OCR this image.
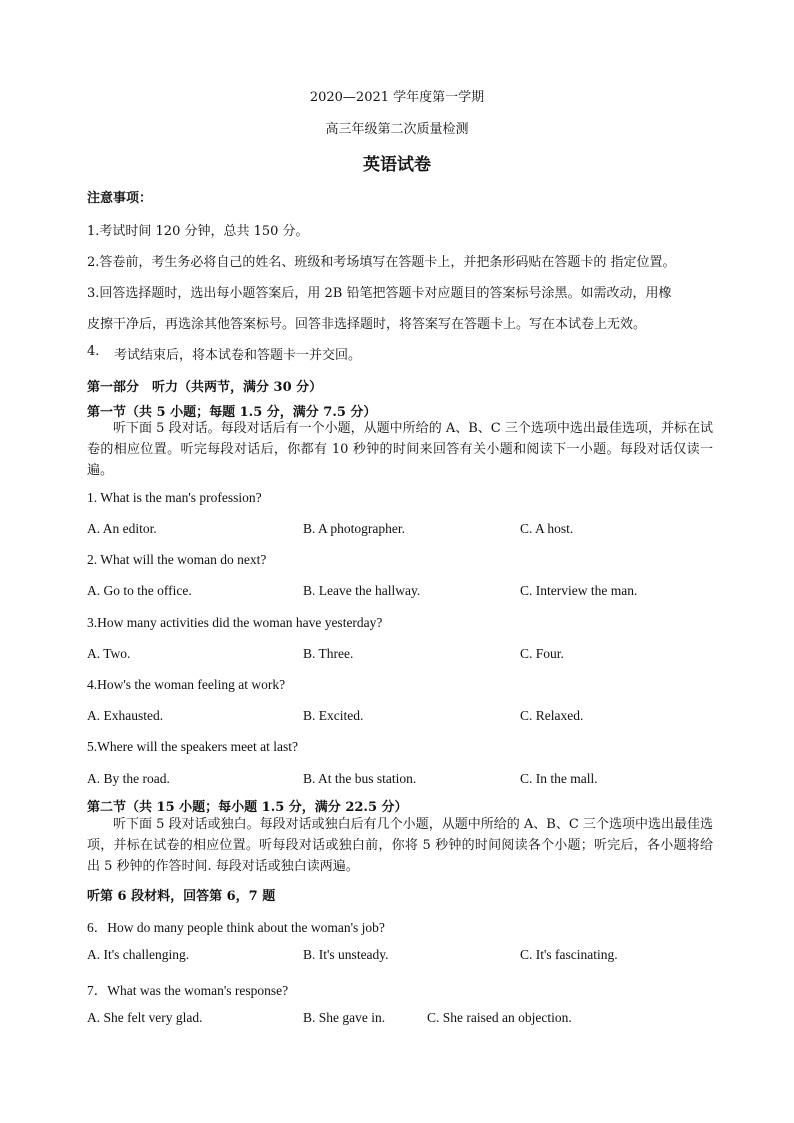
2020—2021 学年度第一学期
高三年级第二次质量检测
英语试卷
注意事项：
1.考试时间 120 分钟，总共 150 分。
2.答卷前，考生务必将自己的姓名、班级和考场填写在答题卡上，并把条形码贴在答题卡的 指定位置。
3.回答选择题时，选出每小题答案后，用 2B 铅笔把答题卡对应题目的答案标号涂黑。如需改动，用橡
皮擦干净后，再选涂其他答案标号。回答非选择题时，将答案写在答题卡上。写在本试卷上无效。
4. 考试结束后，将本试卷和答题卡一并交回。
第一部分　听力（共两节，满分 30 分）
第一节（共 5 小题；每题 1.5 分，满分 7.5 分）
听下面 5 段对话。每段对话后有一个小题，从题中所给的 A、B、C 三个选项中选出最佳选项，并标在试 卷的相应位置。听完每段对话后，你都有 10 秒钟的时间来回答有关小题和阅读下一小题。每段对话仅读一遍。
1. What is the man's profession?
A. An editor.	B. A photographer.	C. A host.
2. What will the woman do next?
A. Go to the office.	B. Leave the hallway.	C. Interview the man.
3.How many activities did the woman have yesterday?
A. Two.	B. Three.	C. Four.
4.How's the woman feeling at work?
A. Exhausted.	B. Excited.	C. Relaxed.
5.Where will the speakers meet at last?
A. By the road.	B. At the bus station.	C. In the mall.
第二节（共 15 小题；每小题 1.5 分，满分 22.5 分）
听下面 5 段对话或独白。每段对话或独白后有几个小题，从题中所给的 A、B、C 三个选项中选出最佳选项，并标在试卷的相应位置。听每段对话或独白前，你将 5 秒钟的时间阅读各个小题；听完后，各小题将给出 5 秒钟的作答时间. 每段对话或独白读两遍。
听第 6 段材料，回答第 6，7 题
6．How do many people think about the woman's job?
A. It's challenging.	B. It's unsteady.	C. It's fascinating.
7．What was the woman's response?
A. She felt very glad.	B. She gave in.	C. She raised an objection.
